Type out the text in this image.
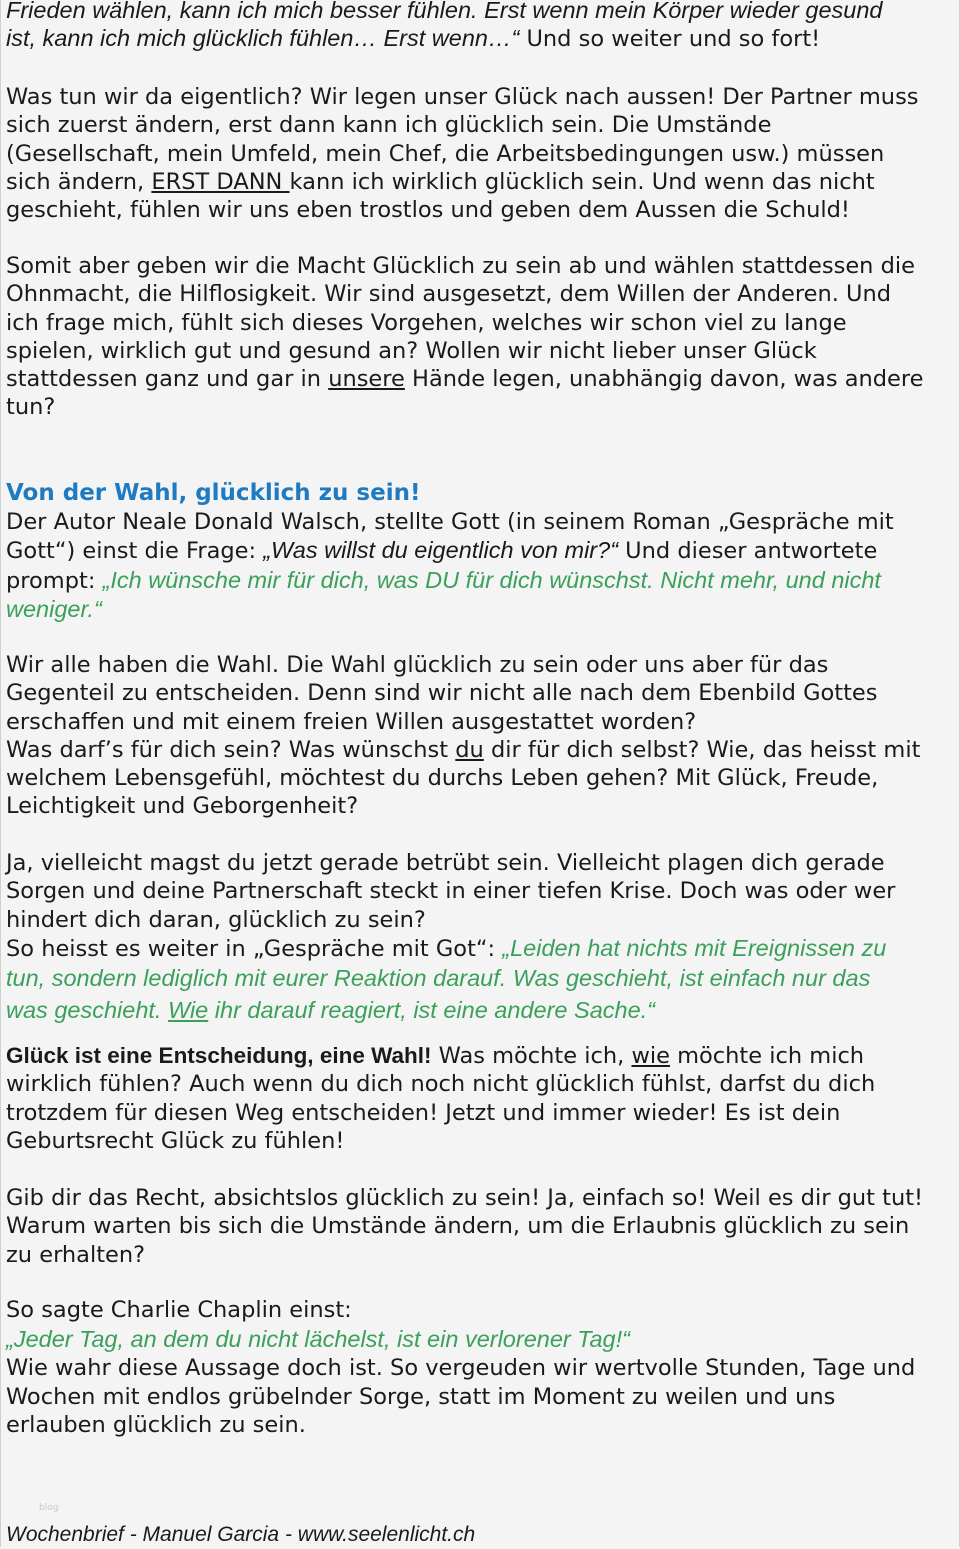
Frieden wählen, kann ich mich besser fühlen. Erst wenn mein Körper wieder gesund
ist, kann ich mich glücklich fühlen… Erst wenn…“ Und so weiter und so fort!
Was tun wir da eigentlich? Wir legen unser Glück nach aussen! Der Partner muss
sich zuerst ändern, erst dann kann ich glücklich sein. Die Umstände
(Gesellschaft, mein Umfeld, mein Chef, die Arbeitsbedingungen usw.) müssen
sich ändern, ERST DANN kann ich wirklich glücklich sein. Und wenn das nicht
geschieht, fühlen wir uns eben trostlos und geben dem Aussen die Schuld!
Somit aber geben wir die Macht Glücklich zu sein ab und wählen stattdessen die
Ohnmacht, die Hilflosigkeit. Wir sind ausgesetzt, dem Willen der Anderen. Und
ich frage mich, fühlt sich dieses Vorgehen, welches wir schon viel zu lange
spielen, wirklich gut und gesund an? Wollen wir nicht lieber unser Glück
stattdessen ganz und gar in unsere Hände legen, unabhängig davon, was andere
tun?
Von der Wahl, glücklich zu sein!
Der Autor Neale Donald Walsch, stellte Gott (in seinem Roman „Gespräche mit
Gott“) einst die Frage: „Was willst du eigentlich von mir?“ Und dieser antwortete
prompt: „Ich wünsche mir für dich, was DU für dich wünschst. Nicht mehr, und nicht
weniger.“
Wir alle haben die Wahl. Die Wahl glücklich zu sein oder uns aber für das
Gegenteil zu entscheiden. Denn sind wir nicht alle nach dem Ebenbild Gottes
erschaffen und mit einem freien Willen ausgestattet worden?
Was darf’s für dich sein? Was wünschst du dir für dich selbst? Wie, das heisst mit
welchem Lebensgefühl, möchtest du durchs Leben gehen? Mit Glück, Freude,
Leichtigkeit und Geborgenheit?
Ja, vielleicht magst du jetzt gerade betrübt sein. Vielleicht plagen dich gerade
Sorgen und deine Partnerschaft steckt in einer tiefen Krise. Doch was oder wer
hindert dich daran, glücklich zu sein?
So heisst es weiter in „Gespräche mit Got“: „Leiden hat nichts mit Ereignissen zu
tun, sondern lediglich mit eurer Reaktion darauf. Was geschieht, ist einfach nur das
was geschieht. Wie ihr darauf reagiert, ist eine andere Sache.“
Glück ist eine Entscheidung, eine Wahl! Was möchte ich, wie möchte ich mich
wirklich fühlen? Auch wenn du dich noch nicht glücklich fühlst, darfst du dich
trotzdem für diesen Weg entscheiden! Jetzt und immer wieder! Es ist dein
Geburtsrecht Glück zu fühlen!
Gib dir das Recht, absichtslos glücklich zu sein! Ja, einfach so! Weil es dir gut tut!
Warum warten bis sich die Umstände ändern, um die Erlaubnis glücklich zu sein
zu erhalten?
So sagte Charlie Chaplin einst:
„Jeder Tag, an dem du nicht lächelst, ist ein verlorener Tag!“
Wie wahr diese Aussage doch ist. So vergeuden wir wertvolle Stunden, Tage und
Wochen mit endlos grübelnder Sorge, statt im Moment zu weilen und uns
erlauben glücklich zu sein.
blog
Wochenbrief - Manuel Garcia - www.seelenlicht.ch
